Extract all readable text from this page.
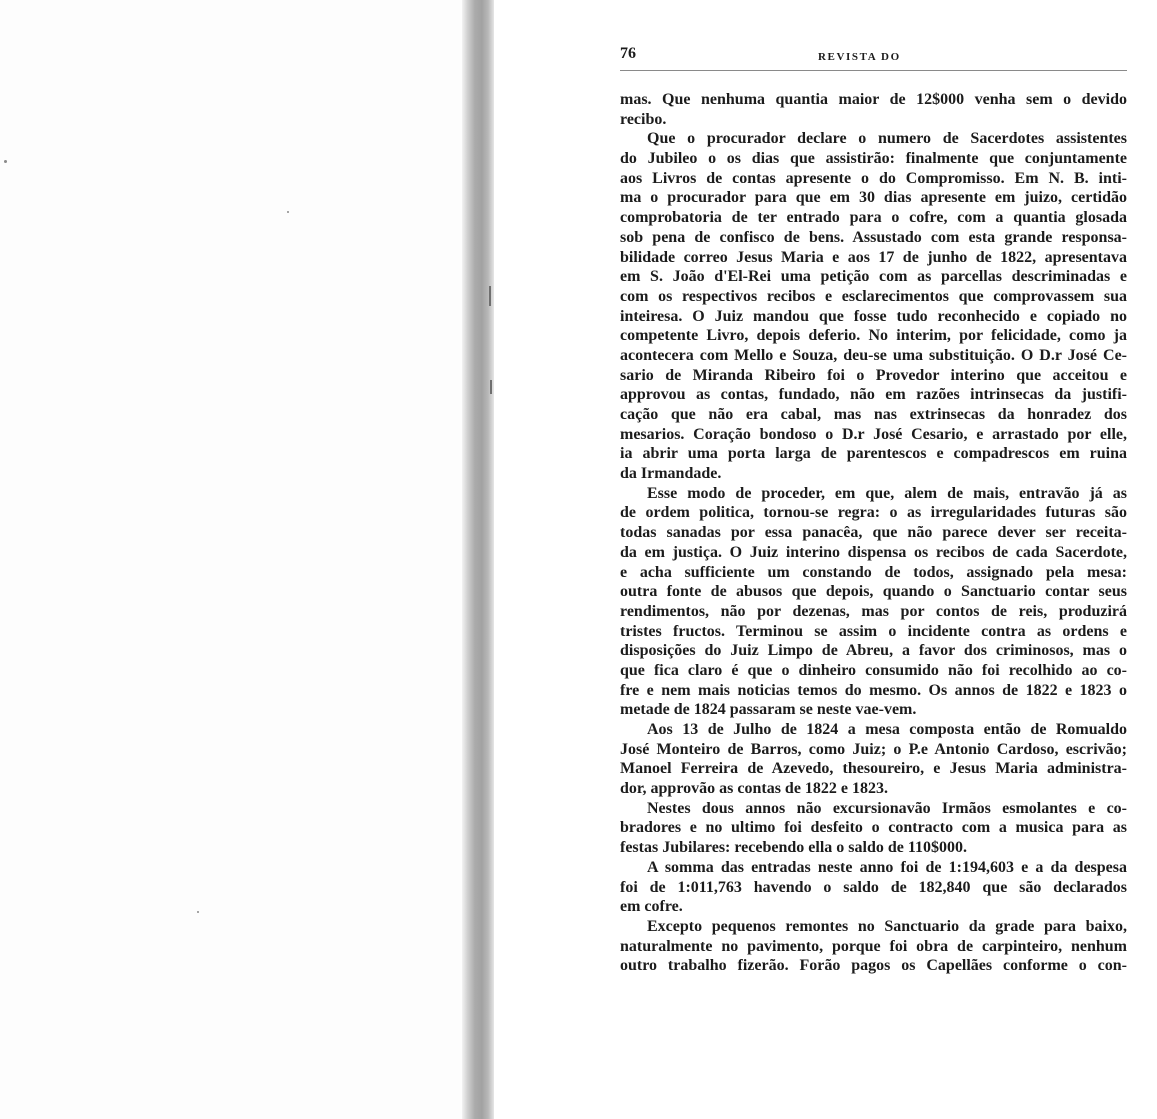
76	REVISTA DO
mas. Que nenhuma quantia maior de 12$000 venha sem o devido
recibo.
Que o procurador declare o numero de Sacerdotes assistentes
do Jubileo o os dias que assistirão: finalmente que conjuntamente
aos Livros de contas apresente o do Compromisso. Em N. B. inti-
ma o procurador para que em 30 dias apresente em juizo, certidão
comprobatoria de ter entrado para o cofre, com a quantia glosada
sob pena de confisco de bens. Assustado com esta grande responsa-
bilidade correo Jesus Maria e aos 17 de junho de 1822, apresentava
em S. João d'El-Rei uma petição com as parcellas descriminadas e
com os respectivos recibos e esclarecimentos que comprovassem sua
inteiresa. O Juiz mandou que fosse tudo reconhecido e copiado no
competente Livro, depois deferio. No interim, por felicidade, como ja
acontecera com Mello e Souza, deu-se uma substituição. O D.r José Ce-
sario de Miranda Ribeiro foi o Provedor interino que acceitou e
approvou as contas, fundado, não em razões intrinsecas da justifi-
cação que não era cabal, mas nas extrinsecas da honradez dos
mesarios. Coração bondoso o D.r José Cesario, e arrastado por elle,
ia abrir uma porta larga de parentescos e compadrescos em ruina
da Irmandade.
Esse modo de proceder, em que, alem de mais, entravão já as
de ordem politica, tornou-se regra: o as irregularidades futuras são
todas sanadas por essa panacêa, que não parece dever ser receita-
da em justiça. O Juiz interino dispensa os recibos de cada Sacerdote,
e acha sufficiente um constando de todos, assignado pela mesa:
outra fonte de abusos que depois, quando o Sanctuario contar seus
rendimentos, não por dezenas, mas por contos de reis, produzirá
tristes fructos. Terminou se assim o incidente contra as ordens e
disposições do Juiz Limpo de Abreu, a favor dos criminosos, mas o
que fica claro é que o dinheiro consumido não foi recolhido ao co-
fre e nem mais noticias temos do mesmo. Os annos de 1822 e 1823 o
metade de 1824 passaram se neste vae-vem.
Aos 13 de Julho de 1824 a mesa composta então de Romualdo
José Monteiro de Barros, como Juiz; o P.e Antonio Cardoso, escrivão;
Manoel Ferreira de Azevedo, thesoureiro, e Jesus Maria administra-
dor, approvão as contas de 1822 e 1823.
Nestes dous annos não excursionavão Irmãos esmolantes e co-
bradores e no ultimo foi desfeito o contracto com a musica para as
festas Jubilares: recebendo ella o saldo de 110$000.
A somma das entradas neste anno foi de 1:194,603 e a da despesa
foi de 1:011,763 havendo o saldo de 182,840 que são declarados
em cofre.
Excepto pequenos remontes no Sanctuario da grade para baixo,
naturalmente no pavimento, porque foi obra de carpinteiro, nenhum
outro trabalho fizerão. Forão pagos os Capellães conforme o con-
